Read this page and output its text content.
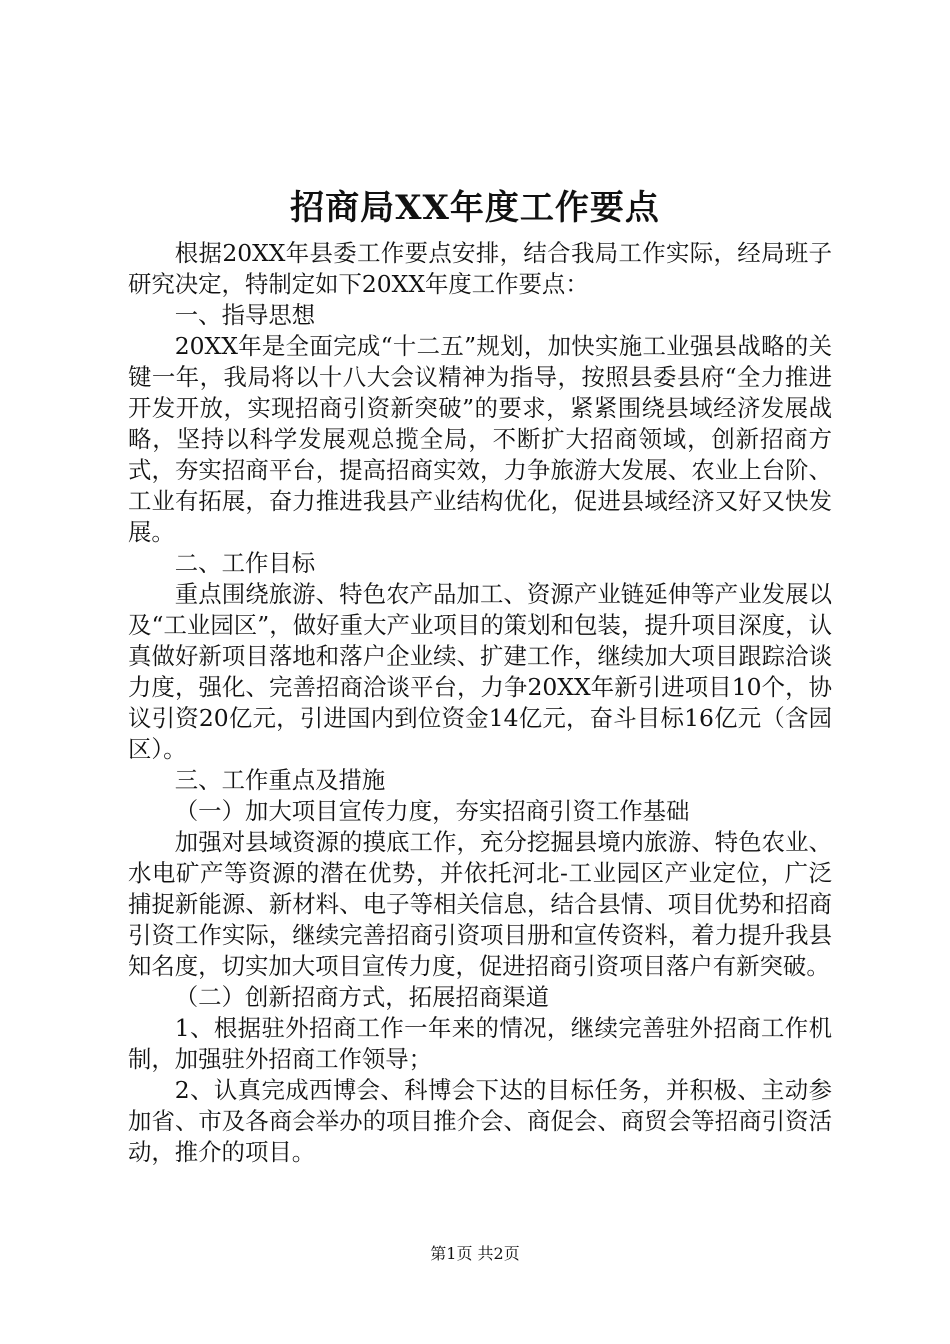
招商局XX年度工作要点

根据20XX年县委工作要点安排，结合我局工作实际，经局班子研究决定，特制定如下20XX年度工作要点：

一、指导思想

20XX年是全面完成“十二五”规划，加快实施工业强县战略的关键一年，我局将以十八大会议精神为指导，按照县委县府“全力推进开发开放，实现招商引资新突破”的要求，紧紧围绕县域经济发展战略，坚持以科学发展观总揽全局，不断扩大招商领域，创新招商方式，夯实招商平台，提高招商实效，力争旅游大发展、农业上台阶、工业有拓展，奋力推进我县产业结构优化，促进县域经济又好又快发展。

二、工作目标

重点围绕旅游、特色农产品加工、资源产业链延伸等产业发展以及“工业园区”，做好重大产业项目的策划和包装，提升项目深度，认真做好新项目落地和落户企业续、扩建工作，继续加大项目跟踪洽谈力度，强化、完善招商洽谈平台，力争20XX年新引进项目10个，协议引资20亿元，引进国内到位资金14亿元，奋斗目标16亿元（含园区）。

三、工作重点及措施

（一）加大项目宣传力度，夯实招商引资工作基础

加强对县域资源的摸底工作，充分挖掘县境内旅游、特色农业、水电矿产等资源的潜在优势，并依托河北-工业园区产业定位，广泛捕捉新能源、新材料、电子等相关信息，结合县情、项目优势和招商引资工作实际，继续完善招商引资项目册和宣传资料，着力提升我县知名度，切实加大项目宣传力度，促进招商引资项目落户有新突破。

（二）创新招商方式，拓展招商渠道

1、根据驻外招商工作一年来的情况，继续完善驻外招商工作机制，加强驻外招商工作领导；

2、认真完成西博会、科博会下达的目标任务，并积极、主动参加省、市及各商会举办的项目推介会、商促会、商贸会等招商引资活动，推介的项目。

第1页 共2页
